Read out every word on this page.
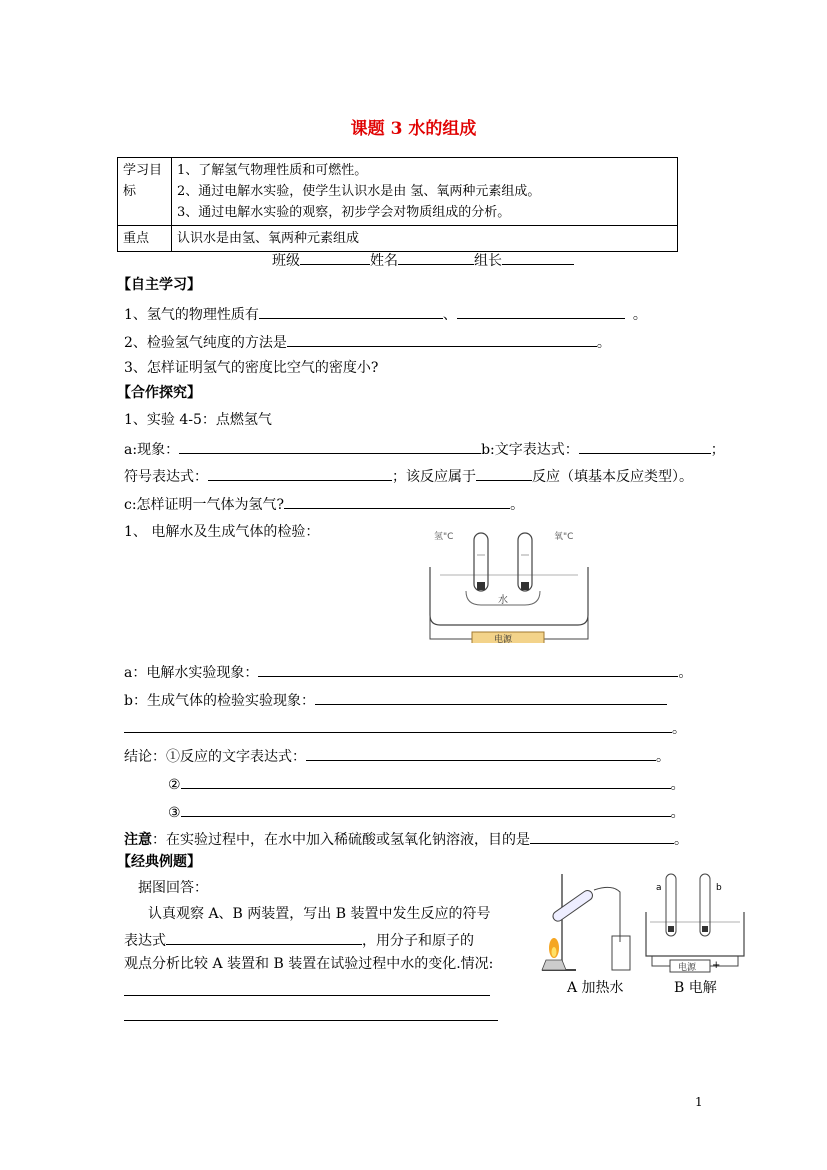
课题 3 水的组成
学习目标	1、了解氢气物理性质和可燃性。
2、通过电解水实验，使学生认识水是由 氢、氧两种元素组成。
3、通过电解水实验的观察，初步学会对物质组成的分析。

重点	认识水是由氢、氧两种元素组成
班级	姓名	组长
【自主学习】
1、氢气的物理性质有	、	。
2、检验氢气纯度的方法是	。
3、怎样证明氢气的密度比空气的密度小?
【合作探究】
1、实验 4-5：点燃氢气
a:现象：	b:文字表达式：	；
符号表达式：	；该反应属于	反应（填基本反应类型）。
c:怎样证明一气体为氢气?	。
1、 电解水及生成气体的检验：	氢"C	氧"C
水
电源
a：电解水实验现象：	。
b：生成气体的检验实验现象：
。
结论：①反应的文字表达式：	。
②	。
③	。
注意：在实验过程中，在水中加入稀硫酸或氢氧化钠溶液，目的是	。
【经典例题】
据图回答：
认真观察 A、B 两装置，写出 B 装置中发生反应的符号
表达式	，用分子和原子的
观点分析比较 A 装置和 B 装置在试验过程中水的变化.情况:
a	b
电源 +
A 加热水	B 电解
1
